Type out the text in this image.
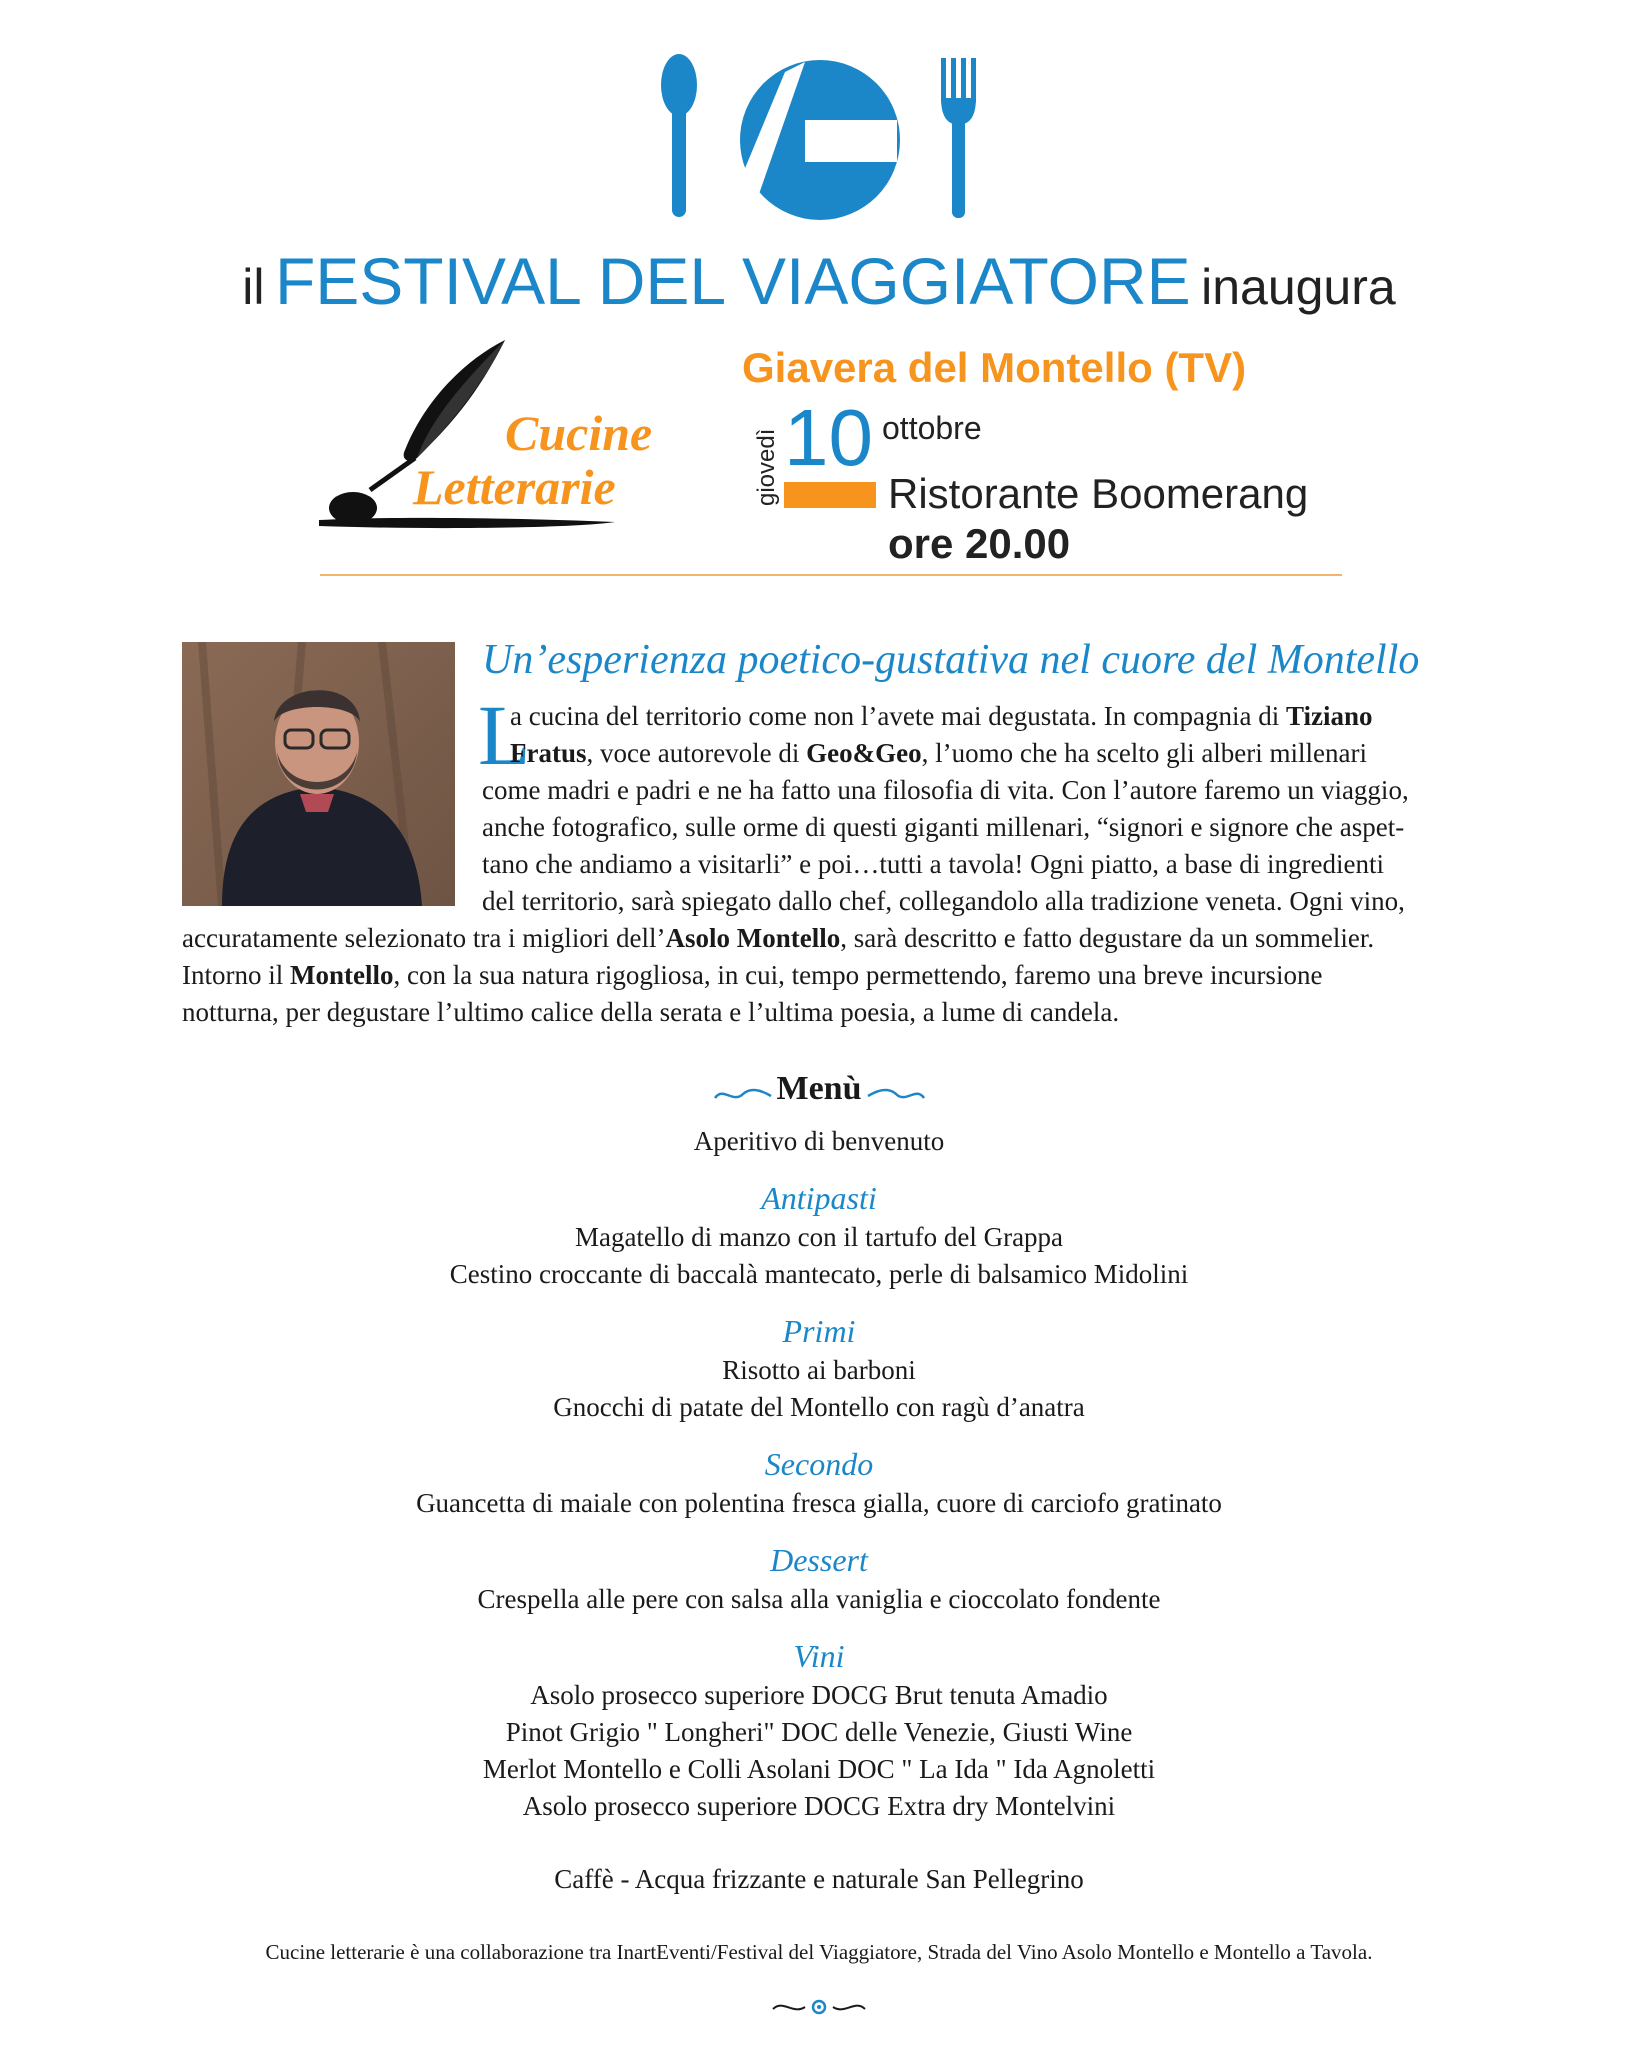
il FESTIVAL DEL VIAGGIATORE inaugura
Cucine
Letterarie
Giavera del Montello (TV)
giovedì 10 ottobre
Ristorante Boomerang
ore 20.00
Un’esperienza poetico-gustativa nel cuore del Montello
L
a cucina del territorio come non l’avete mai degustata. In compagnia di Tiziano
Fratus, voce autorevole di Geo&Geo, l’uomo che ha scelto gli alberi millenari
come madri e padri e ne ha fatto una filosofia di vita. Con l’autore faremo un viaggio,
anche fotografico, sulle orme di questi giganti millenari, “signori e signore che aspet-
tano che andiamo a visitarli” e poi…tutti a tavola! Ogni piatto, a base di ingredienti
del territorio, sarà spiegato dallo chef, collegandolo alla tradizione veneta. Ogni vino,
accuratamente selezionato tra i migliori dell’Asolo Montello, sarà descritto e fatto degustare da un sommelier.
Intorno il Montello, con la sua natura rigogliosa, in cui, tempo permettendo, faremo una breve incursione
notturna, per degustare l’ultimo calice della serata e l’ultima poesia, a lume di candela.
Menù
Aperitivo di benvenuto
Antipasti
Magatello di manzo con il tartufo del Grappa
Cestino croccante di baccalà mantecato, perle di balsamico Midolini
Primi
Risotto ai barboni
Gnocchi di patate del Montello con ragù d’anatra
Secondo
Guancetta di maiale con polentina fresca gialla, cuore di carciofo gratinato
Dessert
Crespella alle pere con salsa alla vaniglia e cioccolato fondente
Vini
Asolo prosecco superiore DOCG Brut tenuta Amadio
Pinot Grigio " Longheri" DOC delle Venezie, Giusti Wine
Merlot Montello e Colli Asolani DOC " La Ida " Ida Agnoletti
Asolo prosecco superiore DOCG Extra dry Montelvini
Caffè - Acqua frizzante e naturale San Pellegrino
Cucine letterarie è una collaborazione tra InartEventi/Festival del Viaggiatore, Strada del Vino Asolo Montello e Montello a Tavola.
